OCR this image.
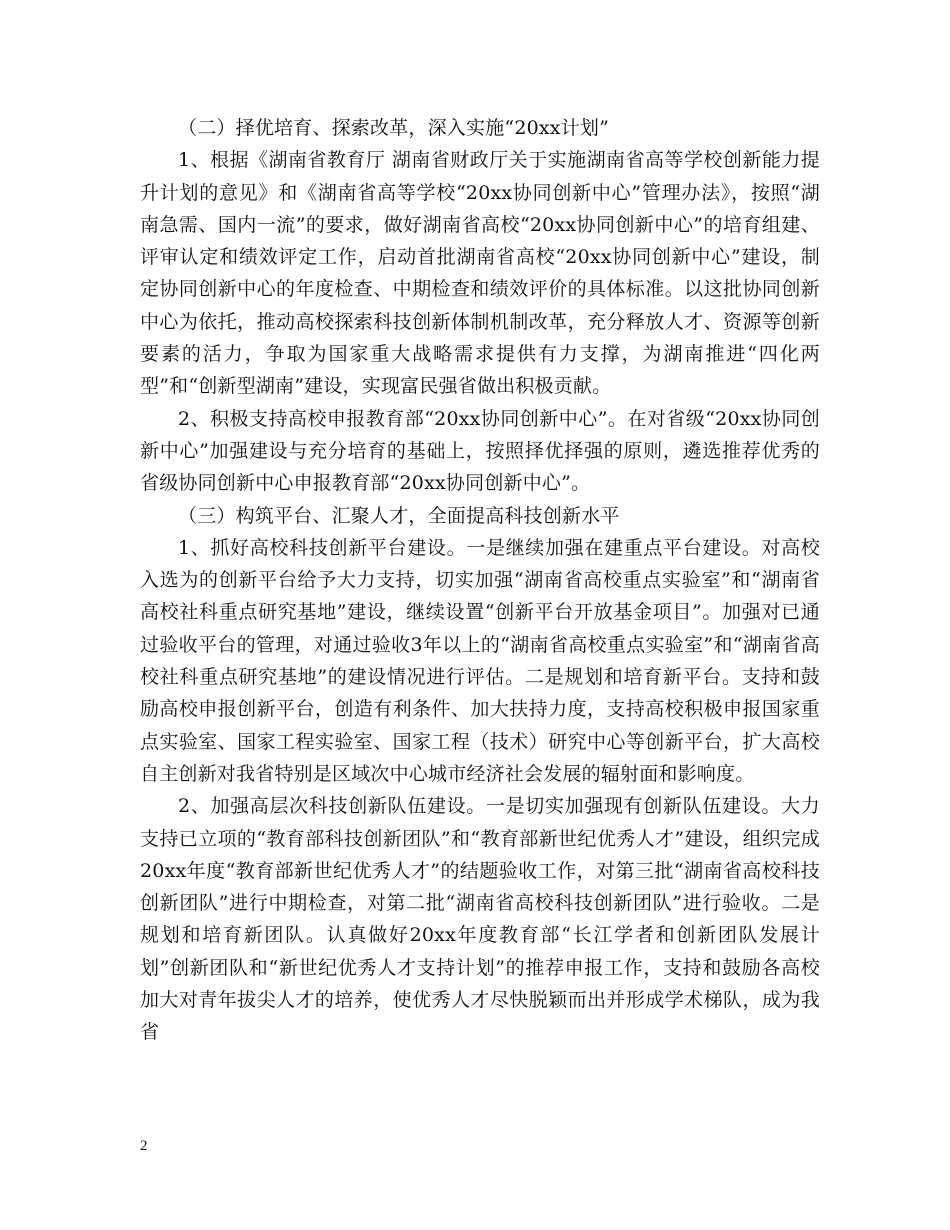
（二）择优培育、探索改革，深入实施“20xx计划”

1、根据《湖南省教育厅 湖南省财政厅关于实施湖南省高等学校创新能力提升计划的意见》和《湖南省高等学校“20xx协同创新中心”管理办法》，按照“湖南急需、国内一流”的要求，做好湖南省高校“20xx协同创新中心”的培育组建、评审认定和绩效评定工作，启动首批湖南省高校“20xx协同创新中心”建设，制定协同创新中心的年度检查、中期检查和绩效评价的具体标准。以这批协同创新中心为依托，推动高校探索科技创新体制机制改革，充分释放人才、资源等创新要素的活力，争取为国家重大战略需求提供有力支撑，为湖南推进“四化两型”和“创新型湖南”建设，实现富民强省做出积极贡献。

2、积极支持高校申报教育部“20xx协同创新中心”。在对省级“20xx协同创新中心”加强建设与充分培育的基础上，按照择优择强的原则，遴选推荐优秀的省级协同创新中心申报教育部“20xx协同创新中心”。

（三）构筑平台、汇聚人才，全面提高科技创新水平

1、抓好高校科技创新平台建设。一是继续加强在建重点平台建设。对高校入选为的创新平台给予大力支持，切实加强“湖南省高校重点实验室”和“湖南省高校社科重点研究基地”建设，继续设置“创新平台开放基金项目”。加强对已通过验收平台的管理，对通过验收3年以上的“湖南省高校重点实验室”和“湖南省高校社科重点研究基地”的建设情况进行评估。二是规划和培育新平台。支持和鼓励高校申报创新平台，创造有利条件、加大扶持力度，支持高校积极申报国家重点实验室、国家工程实验室、国家工程（技术）研究中心等创新平台，扩大高校自主创新对我省特别是区域次中心城市经济社会发展的辐射面和影响度。

2、加强高层次科技创新队伍建设。一是切实加强现有创新队伍建设。大力支持已立项的“教育部科技创新团队”和“教育部新世纪优秀人才”建设，组织完成20xx年度“教育部新世纪优秀人才”的结题验收工作，对第三批“湖南省高校科技创新团队”进行中期检查，对第二批“湖南省高校科技创新团队”进行验收。二是规划和培育新团队。认真做好20xx年度教育部“长江学者和创新团队发展计划”创新团队和“新世纪优秀人才支持计划”的推荐申报工作，支持和鼓励各高校加大对青年拔尖人才的培养，使优秀人才尽快脱颖而出并形成学术梯队，成为我省

2
